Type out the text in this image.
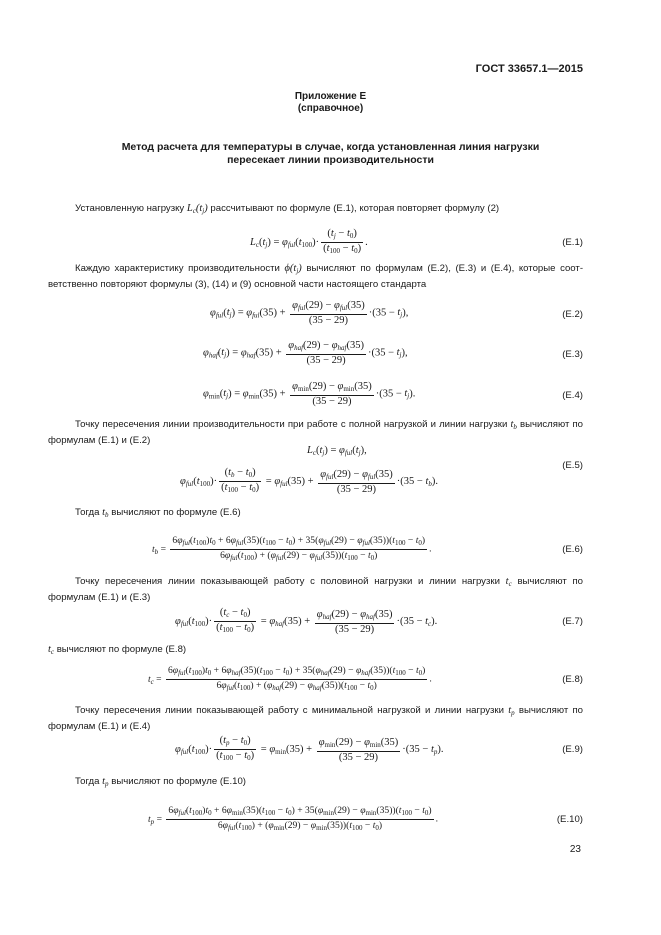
ГОСТ 33657.1—2015
Приложение Е
(справочное)
Метод расчета для температуры в случае, когда установленная линия нагрузки
пересекает линии производительности
Установленную нагрузку $L_c(t_j)$ рассчитывают по формуле (Е.1), которая повторяет формулу (2)
$L_c(t_j) = \varphi_{ful}(t_{100})\cdot \frac{(t_j - t_0)}{(t_{100} - t_0)}$ .	(Е.1)
Каждую характеристику производительности $\phi(t_j)$ вычисляют по формулам (Е.2), (Е.3) и (Е.4), которые соот-ветственно повторяют формулы (3), (14) и (9) основной части настоящего стандарта
$\varphi_{ful}(t_j) = \varphi_{ful}(35)$ +
$\varphi_{ful}(29) - \varphi_{ful}(35)$
(35 − 29)
$\cdot(35 - t_j)$,	(Е.2)
$\varphi_{haf}(t_j) = \varphi_{haf}(35)$ +
$\varphi_{haf}(29) - \varphi_{haf}(35)$
(35 − 29)
$\cdot(35 - t_j)$,	(Е.3)
$\varphi_{min}(t_j) = \varphi_{min}(35)$ +
$\varphi_{min}(29) - \varphi_{min}(35)$
(35 − 29)
$\cdot(35 - t_j)$.	(Е.4)
Точку пересечения линии производительности при работе с полной нагрузкой и линии нагрузки $t_b$ вычисляют по формулам (Е.1) и (Е.2)
$L_c(t_j) = \varphi_{ful}(t_j)$,
$\varphi_{ful}(t_{100})\cdot \frac{(t_b - t_0)}{(t_{100} - t_0)} = \varphi_{ful}(35)$ +
$\varphi_{ful}(29) - \varphi_{ful}(35)$
(35 − 29)
$\cdot(35 - t_b)$.
(Е.5)
Тогда $t_b$ вычисляют по формуле (Е.6)
$t_b$ =
$6\varphi_{ful}(t_{100})t_0 + 6\varphi_{ful}(35)(t_{100} - t_0) + 35(\varphi_{ful}(29) - \varphi_{ful}(35))(t_{100} - t_0)$
$6\varphi_{ful}(t_{100}) + (\varphi_{ful}(29) - \varphi_{ful}(35))(t_{100} - t_0)$
.	(Е.6)
Точку пересечения линии показывающей работу с половиной нагрузки и линии нагрузки $t_c$ вычисляют по формулам (Е.1) и (Е.3)
$\varphi_{ful}(t_{100})\cdot \frac{(t_c - t_0)}{(t_{100} - t_0)} = \varphi_{haf}(35)$ +
$\varphi_{haf}(29) - \varphi_{haf}(35)$
(35 − 29)
$\cdot(35 - t_c)$.	(Е.7)
$t_c$ вычисляют по формуле (Е.8)
$t_c$ =
$6\varphi_{ful}(t_{100})t_0 + 6\varphi_{haf}(35)(t_{100} - t_0) + 35(\varphi_{haf}(29) - \varphi_{haf}(35))(t_{100} - t_0)$
$6\varphi_{ful}(t_{100}) + (\varphi_{haf}(29) - \varphi_{haf}(35))(t_{100} - t_0)$
.	(Е.8)
Точку пересечения линии показывающей работу с минимальной нагрузкой и линии нагрузки $t_p$ вычисляют по формулам (Е.1) и (Е.4)
$\varphi_{ful}(t_{100})\cdot \frac{(t_p - t_0)}{(t_{100} - t_0)} = \varphi_{min}(35)$ +
$\varphi_{min}(29) - \varphi_{min}(35)$
(35 − 29)
$\cdot(35 - t_p)$.	(Е.9)
Тогда $t_p$ вычисляют по формуле (Е.10)
$t_p$ =
$6\varphi_{ful}(t_{100})t_0 + 6\varphi_{min}(35)(t_{100} - t_0) + 35(\varphi_{min}(29) - \varphi_{min}(35))(t_{100} - t_0)$
$6\varphi_{ful}(t_{100}) + (\varphi_{min}(29) - \varphi_{min}(35))(t_{100} - t_0)$
.	(Е.10)
23
